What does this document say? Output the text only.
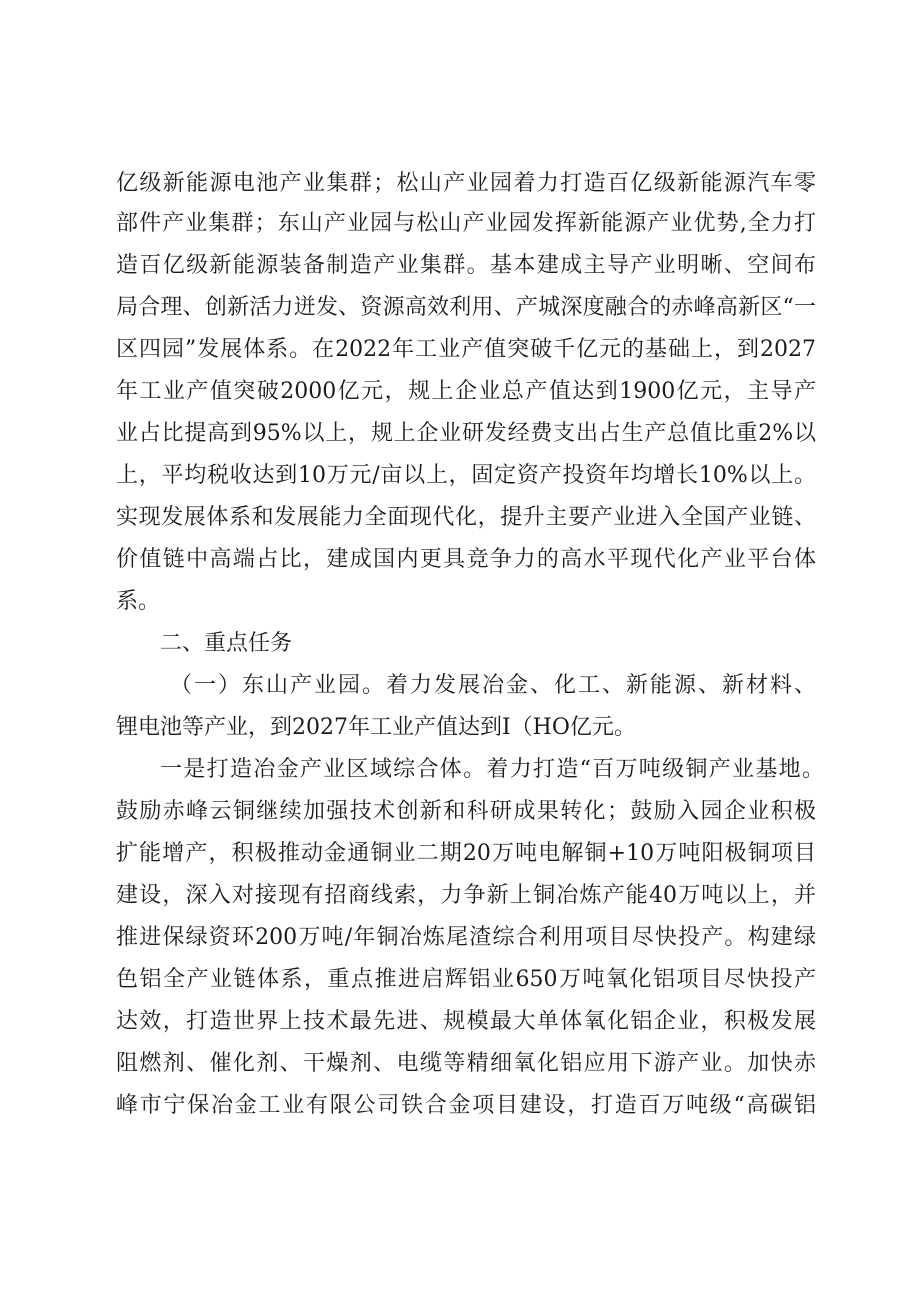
亿级新能源电池产业集群；松山产业园着力打造百亿级新能源汽车零
部件产业集群；东山产业园与松山产业园发挥新能源产业优势,全力打
造百亿级新能源装备制造产业集群。基本建成主导产业明晰、空间布
局合理、创新活力迸发、资源高效利用、产城深度融合的赤峰高新区“一
区四园”发展体系。在2022年工业产值突破千亿元的基础上，到2027
年工业产值突破2000亿元，规上企业总产值达到1900亿元，主导产
业占比提高到95%以上，规上企业研发经费支出占生产总值比重2%以
上，平均税收达到10万元/亩以上，固定资产投资年均增长10%以上。
实现发展体系和发展能力全面现代化，提升主要产业进入全国产业链、
价值链中高端占比，建成国内更具竞争力的高水平现代化产业平台体
系。
二、重点任务
（一）东山产业园。着力发展冶金、化工、新能源、新材料、
锂电池等产业，到2027年工业产值达到I（HO亿元。
一是打造冶金产业区域综合体。着力打造“百万吨级铜产业基地。
鼓励赤峰云铜继续加强技术创新和科研成果转化；鼓励入园企业积极
扩能增产，积极推动金通铜业二期20万吨电解铜+10万吨阳极铜项目
建设，深入对接现有招商线索，力争新上铜冶炼产能40万吨以上，并
推进保绿资环200万吨/年铜冶炼尾渣综合利用项目尽快投产。构建绿
色铝全产业链体系，重点推进启辉铝业650万吨氧化铝项目尽快投产
达效，打造世界上技术最先进、规模最大单体氧化铝企业，积极发展
阻燃剂、催化剂、干燥剂、电缆等精细氧化铝应用下游产业。加快赤
峰市宁保冶金工业有限公司铁合金项目建设，打造百万吨级“高碳铝
